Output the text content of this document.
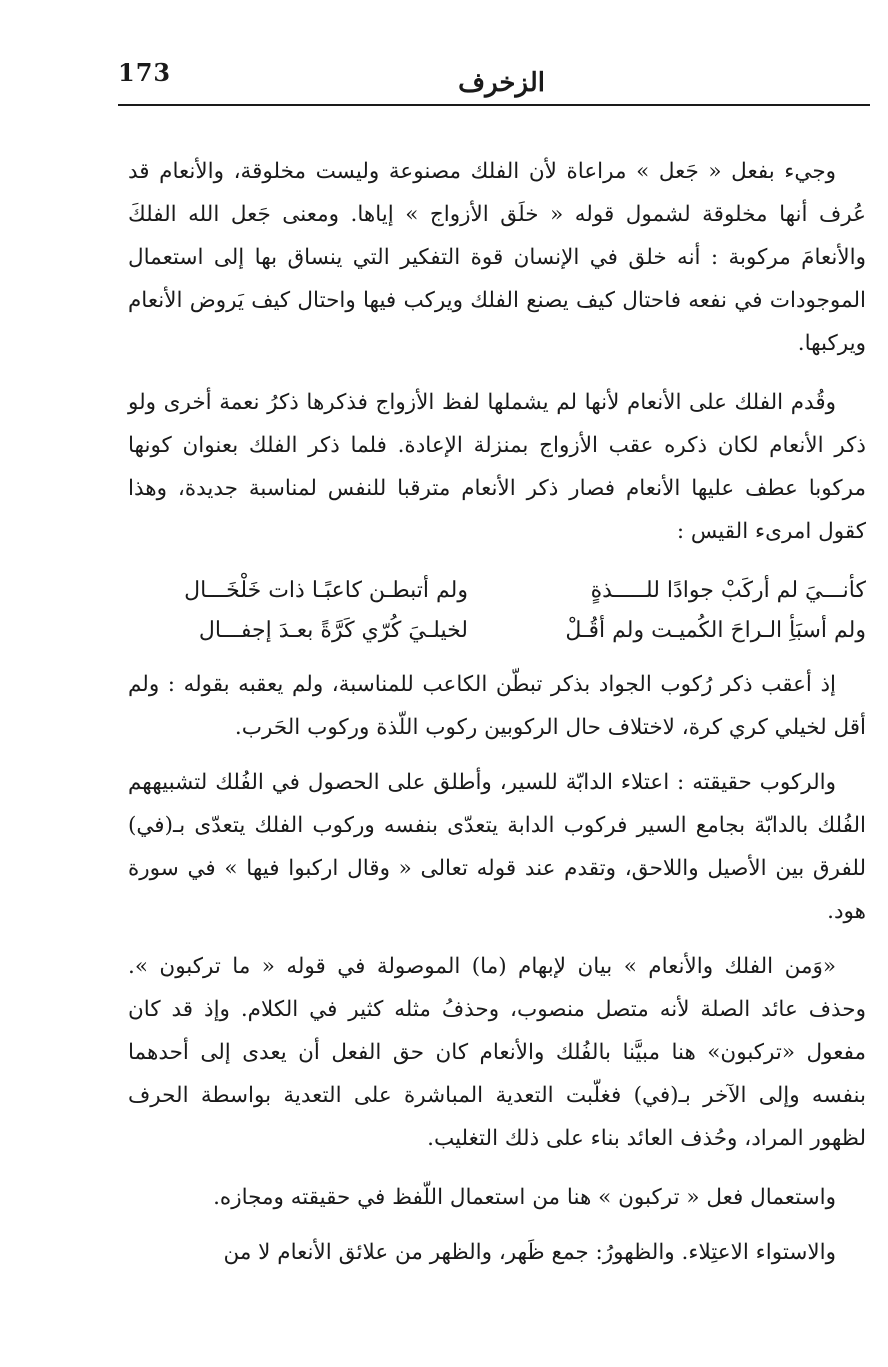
173	الزخرف

وجيء بفعل « جَعل » مراعاة لأن الفلك مصنوعة وليست مخلوقة، والأنعام قد عُرف أنها مخلوقة لشمول قوله « خلَق الأزواج » إياها. ومعنى جَعل الله الفلكَ والأنعامَ مركوبة : أنه خلق في الإنسان قوة التفكير التي ينساق بها إلى استعمال الموجودات في نفعه فاحتال كيف يصنع الفلك ويركب فيها واحتال كيف يَروض الأنعام ويركبها.

وقُدم الفلك على الأنعام لأنها لم يشملها لفظ الأزواج فذكرها ذكرُ نعمة أخرى ولو ذكر الأنعام لكان ذكره عقب الأزواج بمنزلة الإعادة. فلما ذكر الفلك بعنوان كونها مركوبا عطف عليها الأنعام فصار ذكر الأنعام مترقبا للنفس لمناسبة جديدة، وهذا كقول امرىء القيس :

كأنـــيَ لم أركَبْ جوادًا للـــــذةٍ
ولم أتبطـن كاعبًـا ذات خَلْخَـــال
ولم أسبَأِ الـراحَ الكُميـت ولم أقُـلْ
لخيلـيَ كُرّي كَرَّةً بعـدَ إجفـــال

إذ أعقب ذكر رُكوب الجواد بذكر تبطّن الكاعب للمناسبة، ولم يعقبه بقوله : ولم أقل لخيلي كري كرة، لاختلاف حال الركوبين ركوب اللّذة وركوب الحَرب.

والركوب حقيقته : اعتلاء الدابّة للسير، وأطلق على الحصول في الفُلك لتشبيههم الفُلك بالدابّة بجامع السير فركوب الدابة يتعدّى بنفسه وركوب الفلك يتعدّى بـ(في) للفرق بين الأصيل واللاحق، وتقدم عند قوله تعالى « وقال اركبوا فيها » في سورة هود.

«وَمن الفلك والأنعام » بيان لإبهام (ما) الموصولة في قوله « ما تركبون ». وحذف عائد الصلة لأنه متصل منصوب، وحذفُ مثله كثير في الكلام. وإذ قد كان مفعول «تركبون» هنا مبيَّنا بالفُلك والأنعام كان حق الفعل أن يعدى إلى أحدهما بنفسه وإلى الآخر بـ(في) فغلّبت التعدية المباشرة على التعدية بواسطة الحرف لظهور المراد، وحُذف العائد بناء على ذلك التغليب.

واستعمال فعل « تركبون » هنا من استعمال اللّفظ في حقيقته ومجازه.

والاستواء الاعتِلاء. والظهورُ: جمع ظَهر، والظهر من علائق الأنعام لا من
